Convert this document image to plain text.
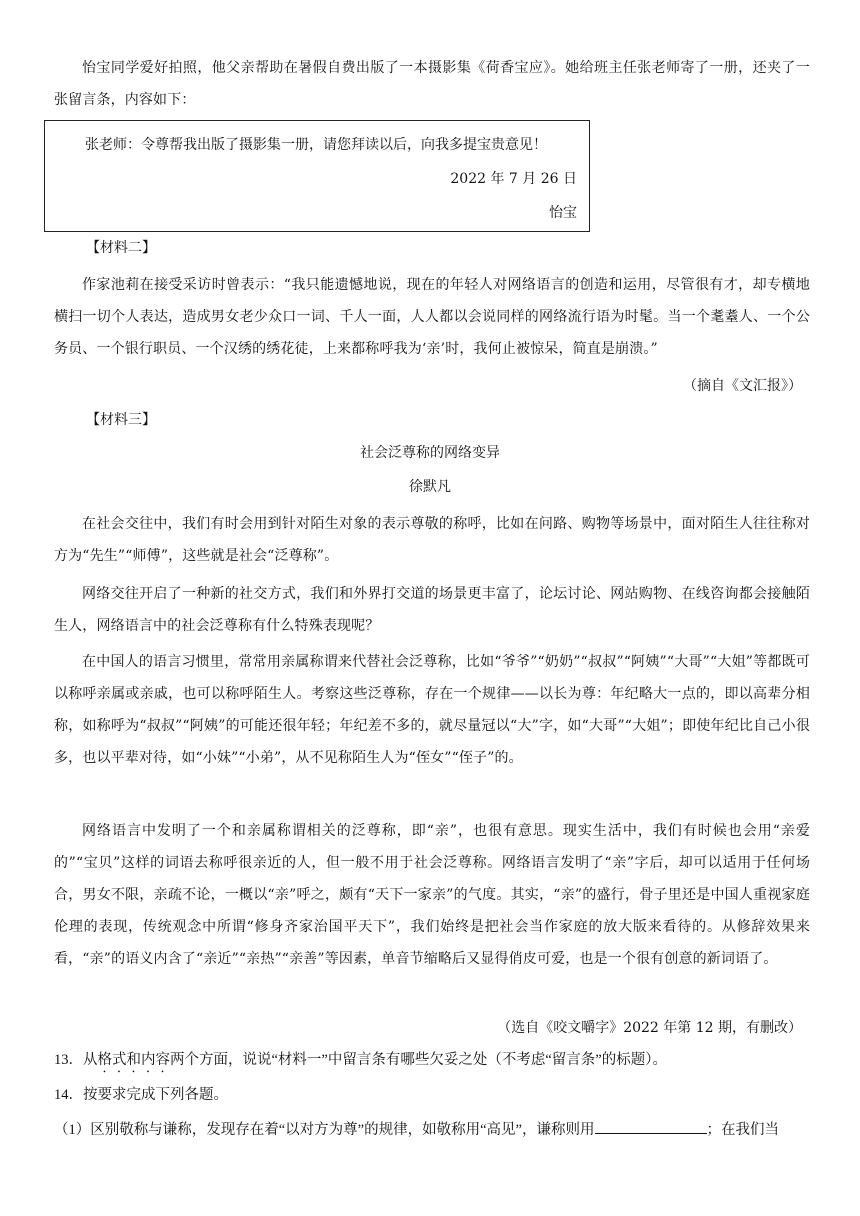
怡宝同学爱好拍照，他父亲帮助在暑假自费出版了一本摄影集《荷香宝应》。她给班主任张老师寄了一册，还夹了一张留言条，内容如下：

张老师：令尊帮我出版了摄影集一册，请您拜读以后，向我多提宝贵意见！
2022 年 7 月 26 日
怡宝
【材料二】

作家池莉在接受采访时曾表示：“我只能遗憾地说，现在的年轻人对网络语言的创造和运用，尽管很有才，却专横地横扫一切个人表达，造成男女老少众口一词、千人一面，人人都以会说同样的网络流行语为时髦。当一个耄耋人、一个公务员、一个银行职员、一个汉绣的绣花徒，上来都称呼我为‘亲’时，我何止被惊呆，简直是崩溃。”

（摘自《文汇报》）
【材料三】
社会泛尊称的网络变异
徐默凡

在社会交往中，我们有时会用到针对陌生对象的表示尊敬的称呼，比如在问路、购物等场景中，面对陌生人往往称对方为“先生”“师傅”，这些就是社会“泛尊称”。

网络交往开启了一种新的社交方式，我们和外界打交道的场景更丰富了，论坛讨论、网站购物、在线咨询都会接触陌生人，网络语言中的社会泛尊称有什么特殊表现呢？

在中国人的语言习惯里，常常用亲属称谓来代替社会泛尊称，比如“爷爷”“奶奶”“叔叔”“阿姨”“大哥”“大姐”等都既可以称呼亲属或亲戚，也可以称呼陌生人。考察这些泛尊称，存在一个规律——以长为尊：年纪略大一点的，即以高辈分相称，如称呼为“叔叔”“阿姨”的可能还很年轻；年纪差不多的，就尽量冠以“大”字，如“大哥”“大姐”；即使年纪比自己小很多，也以平辈对待，如“小妹”“小弟”，从不见称陌生人为“侄女”“侄子”的。

网络语言中发明了一个和亲属称谓相关的泛尊称，即“亲”，也很有意思。现实生活中，我们有时候也会用“亲爱的”“宝贝”这样的词语去称呼很亲近的人，但一般不用于社会泛尊称。网络语言发明了“亲”字后，却可以适用于任何场合，男女不限，亲疏不论，一概以“亲”呼之，颇有“天下一家亲”的气度。其实，“亲”的盛行，骨子里还是中国人重视家庭伦理的表现，传统观念中所谓“修身齐家治国平天下”，我们始终是把社会当作家庭的放大版来看待的。从修辞效果来看，“亲”的语义内含了“亲近”“亲热”“亲善”等因素，单音节缩略后又显得俏皮可爱，也是一个很有创意的新词语了。

（选自《咬文嚼字》2022 年第 12 期，有删改）
13．从格式和内容两个方面，说说“材料一”中留言条有哪些欠妥之处（不考虑“留言条”的标题）。
14．按要求完成下列各题。
（1）区别敬称与谦称，发现存在着“以对方为尊”的规律，如敬称用“高见”，谦称则用	；在我们当
